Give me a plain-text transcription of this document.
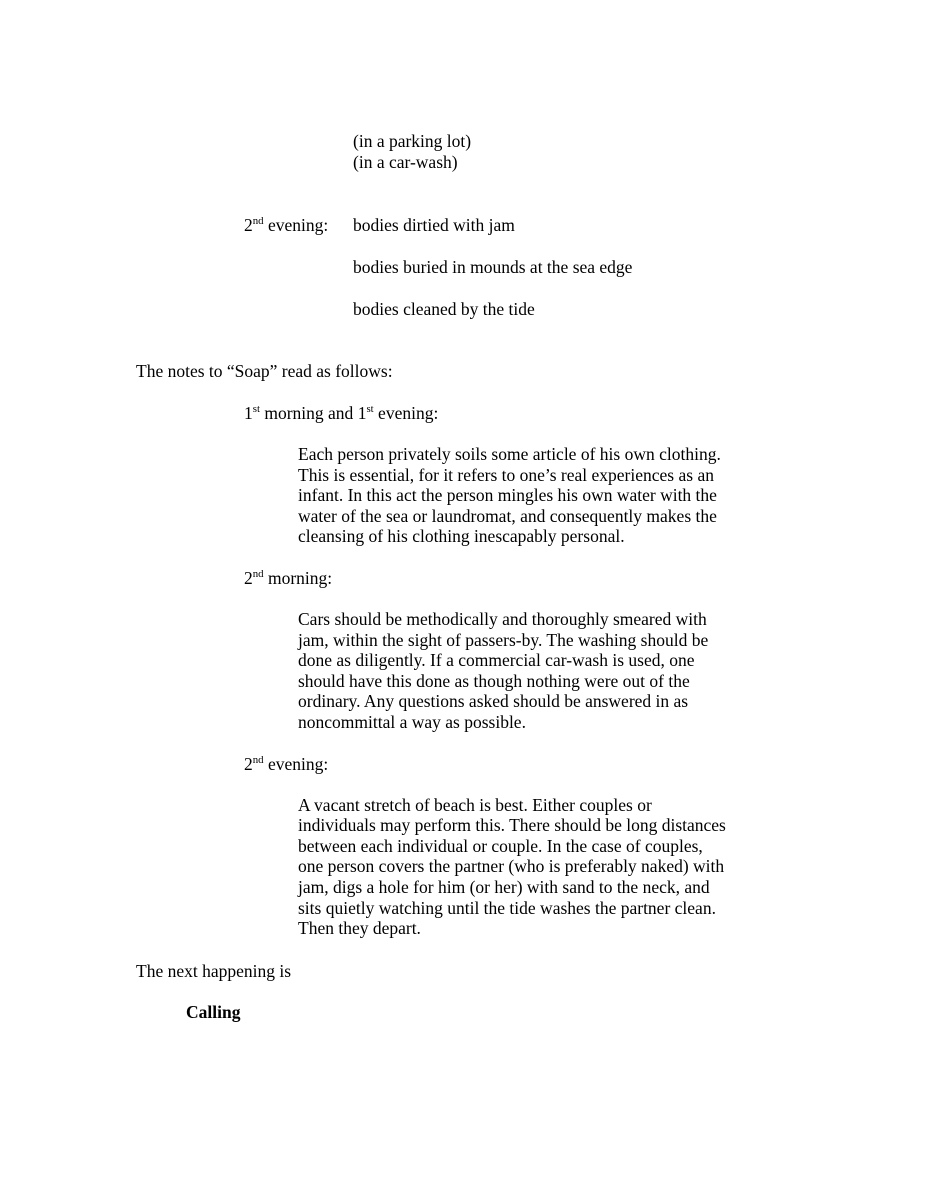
(in a parking lot)
(in a car-wash)
2nd evening: bodies dirtied with jam
bodies buried in mounds at the sea edge
bodies cleaned by the tide
The notes to “Soap” read as follows:
1st morning and 1st evening:
Each person privately soils some article of his own clothing. This is essential, for it refers to one’s real experiences as an infant. In this act the person mingles his own water with the water of the sea or laundromat, and consequently makes the cleansing of his clothing inescapably personal.
2nd morning:
Cars should be methodically and thoroughly smeared with jam, within the sight of passers-by. The washing should be done as diligently. If a commercial car-wash is used, one should have this done as though nothing were out of the ordinary. Any questions asked should be answered in as noncommittal a way as possible.
2nd evening:
A vacant stretch of beach is best. Either couples or individuals may perform this. There should be long distances between each individual or couple. In the case of couples, one person covers the partner (who is preferably naked) with jam, digs a hole for him (or her) with sand to the neck, and sits quietly watching until the tide washes the partner clean. Then they depart.
The next happening is
Calling
